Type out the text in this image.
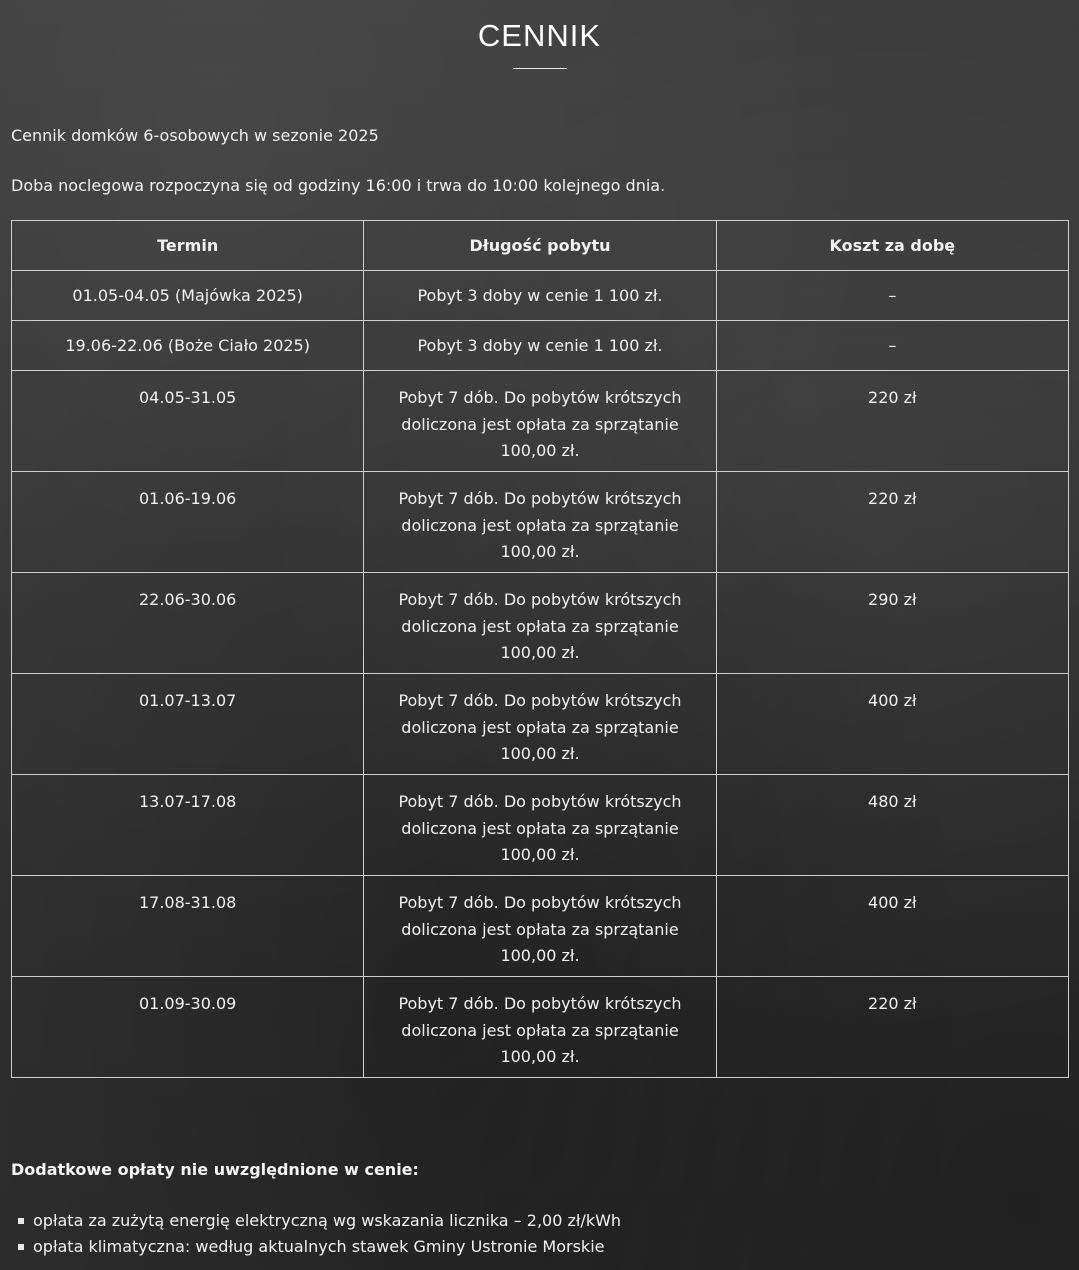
CENNIK
Cennik domków 6-osobowych w sezonie 2025
Doba noclegowa rozpoczyna się od godziny 16:00 i trwa do 10:00 kolejnego dnia.
Termin	Długość pobytu	Koszt za dobę
01.05-04.05 (Majówka 2025)	Pobyt 3 doby w cenie 1 100 zł.	–
19.06-22.06 (Boże Ciało 2025)	Pobyt 3 doby w cenie 1 100 zł.	–
04.05-31.05	Pobyt 7 dób. Do pobytów krótszych doliczona jest opłata za sprzątanie 100,00 zł.	220 zł
01.06-19.06	Pobyt 7 dób. Do pobytów krótszych doliczona jest opłata za sprzątanie 100,00 zł.	220 zł
22.06-30.06	Pobyt 7 dób. Do pobytów krótszych doliczona jest opłata za sprzątanie 100,00 zł.	290 zł
01.07-13.07	Pobyt 7 dób. Do pobytów krótszych doliczona jest opłata za sprzątanie 100,00 zł.	400 zł
13.07-17.08	Pobyt 7 dób. Do pobytów krótszych doliczona jest opłata za sprzątanie 100,00 zł.	480 zł
17.08-31.08	Pobyt 7 dób. Do pobytów krótszych doliczona jest opłata za sprzątanie 100,00 zł.	400 zł
01.09-30.09	Pobyt 7 dób. Do pobytów krótszych doliczona jest opłata za sprzątanie 100,00 zł.	220 zł
Dodatkowe opłaty nie uwzględnione w cenie:
opłata za zużytą energię elektryczną wg wskazania licznika – 2,00 zł/kWh
opłata klimatyczna: według aktualnych stawek Gminy Ustronie Morskie
